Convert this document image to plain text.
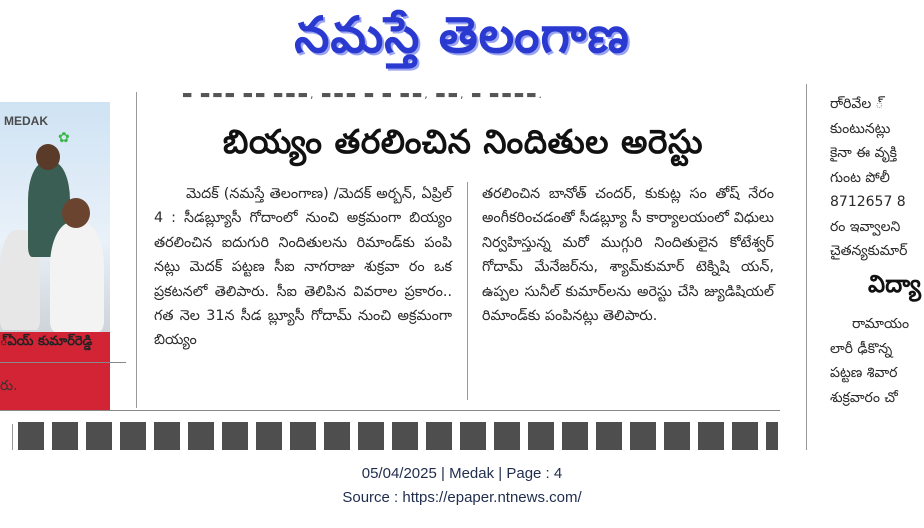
నమస్తే తెలంగాణ
MEDAK
✿
్ఏయ్ కుమార్‌రెడ్డి
రు.
▬ ▬▬▬ ▬▬ ▬▬▬, ▬▬▬ ▬ ▬ ▬▬, ▬▬, ▬ ▬▬▬▬.
బియ్యం తరలించిన నిందితుల అరెస్టు

మెదక్ (నమస్తే తెలంగాణ) /మెదక్ అర్బన్, ఏప్రిల్ 4 : సీడబ్ల్యూసీ గోదాంలో నుంచి అక్రమంగా బియ్యం తరలించిన ఐదుగురి నిందితులను రిమాండ్‌కు పంపి నట్లు మెదక్ పట్టణ సీఐ నాగరాజు శుక్రవా రం ఒక ప్రకటనలో తెలిపారు. సీఐ తెలిపిన వివరాల ప్రకారం.. గత నెల 31న సీడ బ్ల్యూసీ గోదామ్ నుంచి అక్రమంగా బియ్యం

తరలించిన బానోత్ చందర్, కుకుట్ల సం తోష్ నేరం అంగీకరించడంతో సీడబ్ల్యూ సీ కార్యాలయంలో విధులు నిర్వహిస్తున్న మరో ముగ్గురి నిందితులైన కోటేశ్వర్ గోదామ్ మేనేజర్‌ను, శ్యామ్‌కుమార్ టెక్నిషి యన్, ఉప్పల సునీల్ కుమార్‌లను అరెస్టు చేసి జ్యుడిషియల్ రిమాండ్‌కు పంపినట్లు తెలిపారు.

రా్రివేల ్

కుంటునట్లు

కైనా ఈ వృక్తి

గుంట పోలీ

8712657 8

రం ఇవ్వాలని

చైతన్యకుమార్

విద్యా

రామాయం

లారీ ఢీకొన్న

పట్టణ శివార

శుక్రవారం చో

05/04/2025 | Medak | Page : 4
Source : https://epaper.ntnews.com/
